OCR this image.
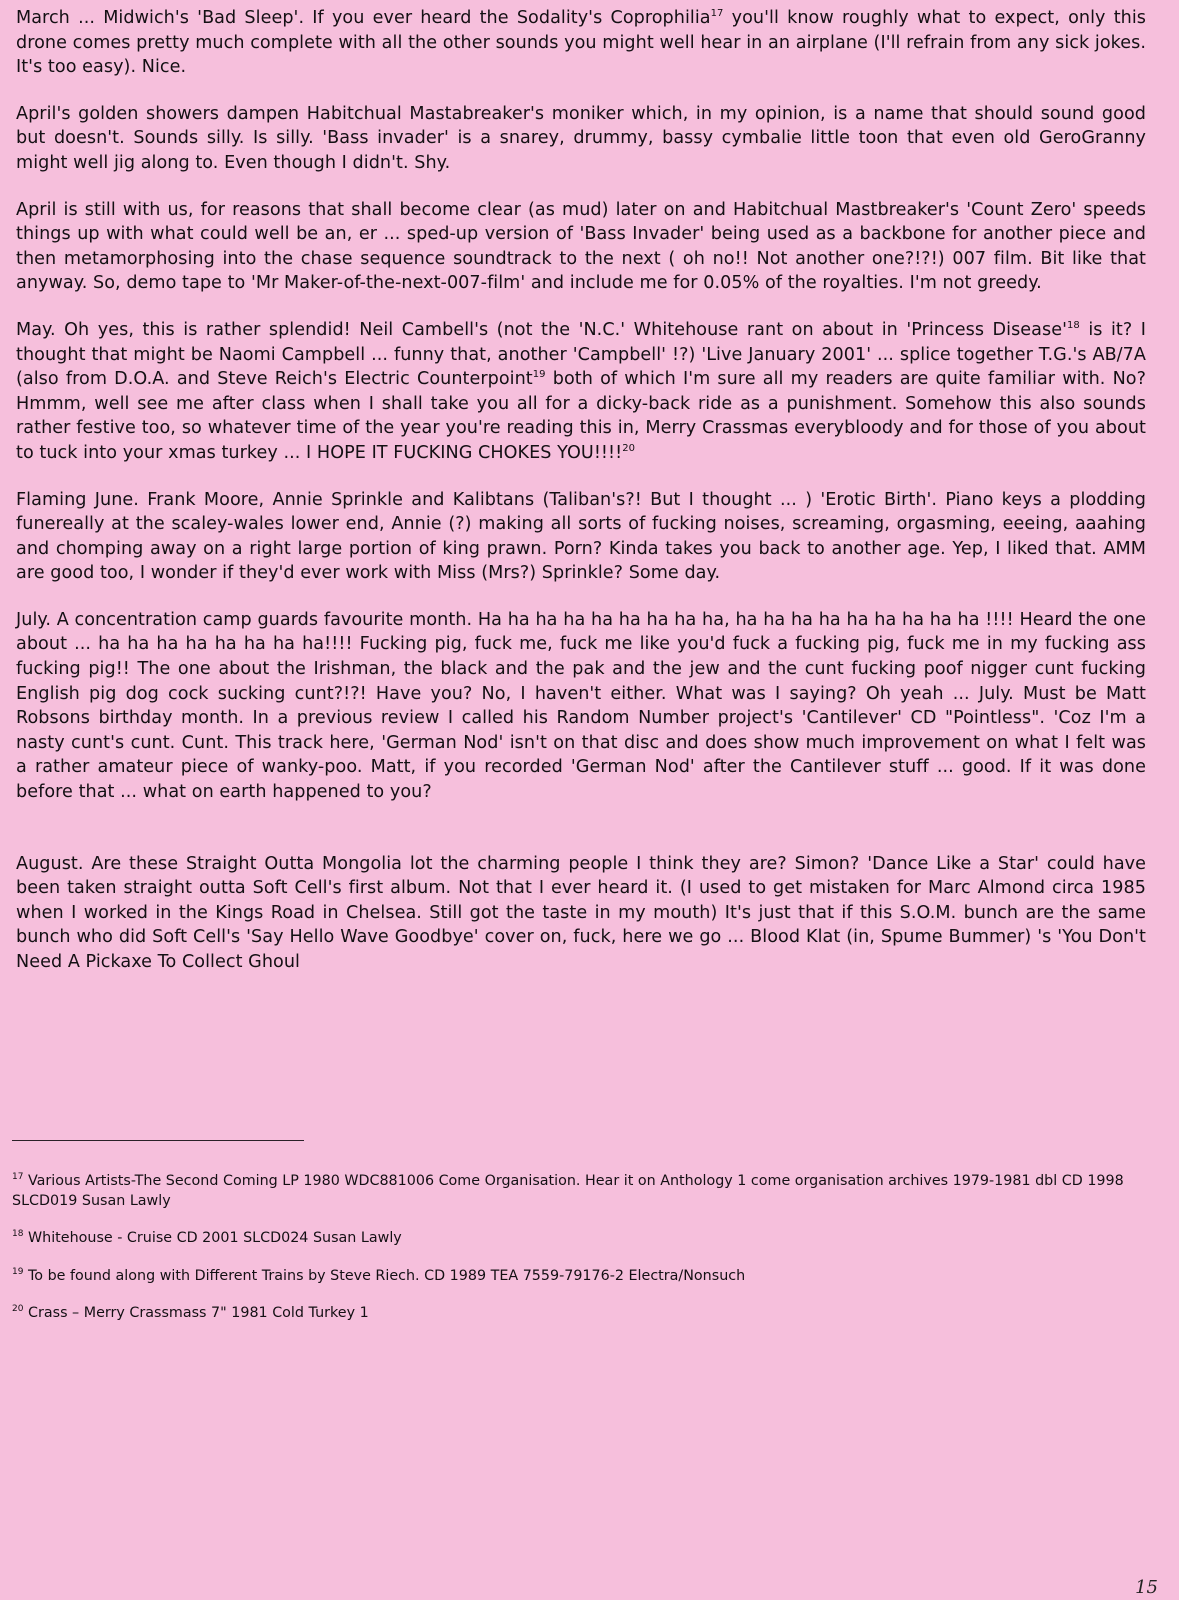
March ... Midwich's 'Bad Sleep'. If you ever heard the Sodality's Coprophilia$^{17}$ you'll know roughly what to expect, only this drone comes pretty much complete with all the other sounds you might well hear in an airplane (I'll refrain from any sick jokes. It's too easy). Nice.

April's golden showers dampen Habitchual Mastabreaker's moniker which, in my opinion, is a name that should sound good but doesn't. Sounds silly. Is silly. 'Bass invader' is a snarey, drummy, bassy cymbalie little toon that even old GeroGranny might well jig along to. Even though I didn't. Shy.

April is still with us, for reasons that shall become clear (as mud) later on and Habitchual Mastbreaker's 'Count Zero' speeds things up with what could well be an, er ... sped-up version of 'Bass Invader' being used as a backbone for another piece and then metamorphosing into the chase sequence soundtrack to the next ( oh no!! Not another one?!?!) 007 film. Bit like that anyway. So, demo tape to 'Mr Maker-of-the-next-007-film' and include me for 0.05% of the royalties. I'm not greedy.

May. Oh yes, this is rather splendid! Neil Cambell's (not the 'N.C.' Whitehouse rant on about in 'Princess $Disease'^{18}$ is it? I thought that might be Naomi Campbell ... funny that, another 'Campbell' !?) 'Live January 2001' ... splice together T.G.'s AB/7A (also from D.O.A. and Steve Reich's Electric Counterpoint$^{19}$ both of which I'm sure all my readers are quite familiar with. No? Hmmm, well see me after class when I shall take you all for a dicky-back ride as a punishment. Somehow this also sounds rather festive too, so whatever time of the year you're reading this in, Merry Crassmas everybloody and for those of you about to tuck into your xmas turkey ... I HOPE IT FUCKING CHOKES YOU!!!!$^{20}$

Flaming June. Frank Moore, Annie Sprinkle and Kalibtans (Taliban's?! But I thought ... ) 'Erotic Birth'. Piano keys a plodding funereally at the scaley-wales lower end, Annie (?) making all sorts of fucking noises, screaming, orgasming, eeeing, aaahing and chomping away on a right large portion of king prawn. Porn? Kinda takes you back to another age. Yep, I liked that. AMM are good too, I wonder if they'd ever work with Miss (Mrs?) Sprinkle? Some day.

July. A concentration camp guards favourite month. Ha ha ha ha ha ha ha ha ha, ha ha ha ha ha ha ha ha ha !!!! Heard the one about ... ha ha ha ha ha ha ha ha!!!! Fucking pig, fuck me, fuck me like you'd fuck a fucking pig, fuck me in my fucking ass fucking pig!! The one about the Irishman, the black and the pak and the jew and the cunt fucking poof nigger cunt fucking English pig dog cock sucking cunt?!?! Have you? No, I haven't either. What was I saying? Oh yeah ... July. Must be Matt Robsons birthday month. In a previous review I called his Random Number project's 'Cantilever' CD "Pointless". 'Coz I'm a nasty cunt's cunt. Cunt. This track here, 'German Nod' isn't on that disc and does show much improvement on what I felt was a rather amateur piece of wanky-poo. Matt, if you recorded 'German Nod' after the Cantilever stuff ... good. If it was done before that ... what on earth happened to you?

August. Are these Straight Outta Mongolia lot the charming people I think they are? Simon? 'Dance Like a Star' could have been taken straight outta Soft Cell's first album. Not that I ever heard it. (I used to get mistaken for Marc Almond circa 1985 when I worked in the Kings Road in Chelsea. Still got the taste in my mouth) It's just that if this S.O.M. bunch are the same bunch who did Soft Cell's 'Say Hello Wave Goodbye' cover on, fuck, here we go ... Blood Klat (in, Spume Bummer) 's 'You Don't Need A Pickaxe To Collect Ghoul

$^{17}$ Various Artists-The Second Coming LP 1980 WDC881006 Come Organisation. Hear it on Anthology 1 come organisation archives 1979-1981 dbl CD 1998 SLCD019 Susan Lawly

$^{18}$ Whitehouse - Cruise CD 2001 SLCD024 Susan Lawly

$^{19}$ To be found along with Different Trains by Steve Riech. CD 1989 TEA 7559-79176-2 Electra/Nonsuch

$^{20}$ Crass – Merry Crassmass 7" 1981 Cold Turkey 1

15
